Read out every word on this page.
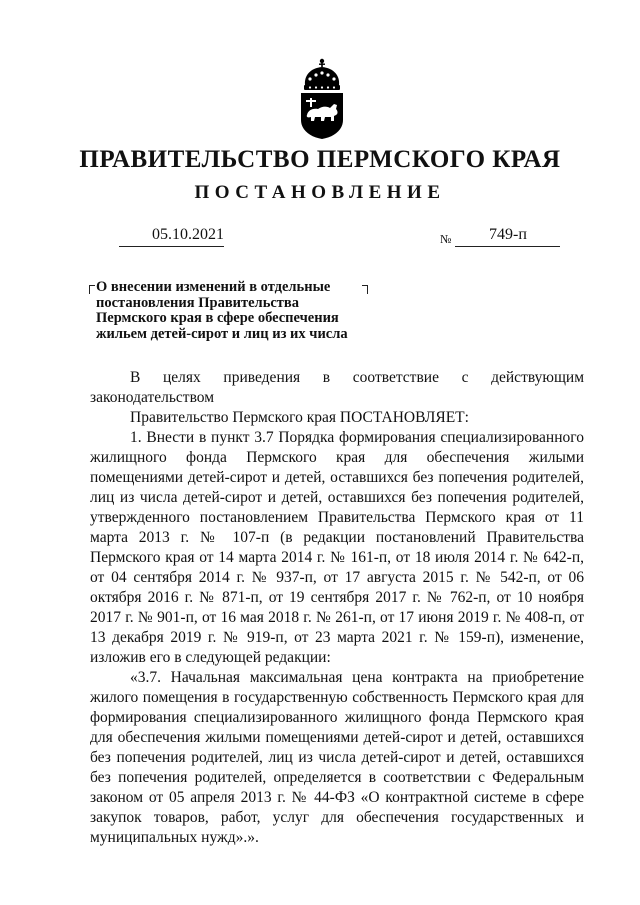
ПРАВИТЕЛЬСТВО ПЕРМСКОГО КРАЯ
ПОСТАНОВЛЕНИЕ
05.10.2021	№	749-п
О внесении изменений в отдельные
постановления Правительства
Пермского края в сфере обеспечения
жильем детей-сирот и лиц из их числа

В целях приведения в соответствие с действующим

законодательством

Правительство Пермского края ПОСТАНОВЛЯЕТ:

1. Внести в пункт 3.7 Порядка формирования специализированного жилищного фонда Пермского края для обеспечения жилыми помещениями детей-сирот и детей, оставшихся без попечения родителей, лиц из числа детей-сирот и детей, оставшихся без попечения родителей, утвержденного постановлением Правительства Пермского края от 11 марта 2013 г. № 107-п (в редакции постановлений Правительства Пермского края от 14 марта 2014 г. № 161-п, от 18 июля 2014 г. № 642-п, от 04 сентября 2014 г. № 937-п, от 17 августа 2015 г. № 542-п, от 06 октября 2016 г. № 871-п, от 19 сентября 2017 г. № 762-п, от 10 ноября 2017 г. № 901-п, от 16 мая 2018 г. № 261-п, от 17 июня 2019 г. № 408-п, от 13 декабря 2019 г. № 919-п, от 23 марта 2021 г. № 159-п), изменение, изложив его в следующей редакции:

«3.7. Начальная максимальная цена контракта на приобретение жилого помещения в государственную собственность Пермского края для формирования специализированного жилищного фонда Пермского края для обеспечения жилыми помещениями детей-сирот и детей, оставшихся без попечения родителей, лиц из числа детей-сирот и детей, оставшихся без попечения родителей, определяется в соответствии с Федеральным законом от 05 апреля 2013 г. № 44-ФЗ «О контрактной системе в сфере закупок товаров, работ, услуг для обеспечения государственных и муниципальных нужд».».
